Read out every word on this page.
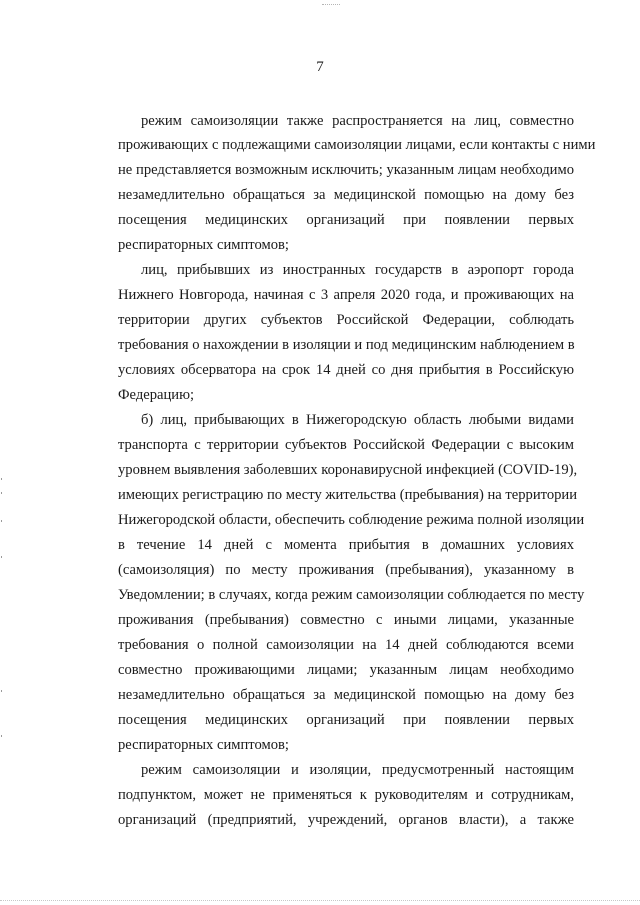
7
режим самоизоляции также распространяется на лиц, совместно
проживающих с подлежащими самоизоляции лицами, если контакты с ними
не представляется возможным исключить; указанным лицам необходимо
незамедлительно обращаться за медицинской помощью на дому без
посещения медицинских организаций при появлении первых
респираторных симптомов;
лиц, прибывших из иностранных государств в аэропорт города
Нижнего Новгорода, начиная с 3 апреля 2020 года, и проживающих на
территории других субъектов Российской Федерации, соблюдать
требования о нахождении в изоляции и под медицинским наблюдением в
условиях обсерватора на срок 14 дней со дня прибытия в Российскую
Федерацию;
б) лиц, прибывающих в Нижегородскую область любыми видами
транспорта с территории субъектов Российской Федерации с высоким
уровнем выявления заболевших коронавирусной инфекцией (COVID-19),
имеющих регистрацию по месту жительства (пребывания) на территории
Нижегородской области, обеспечить соблюдение режима полной изоляции
в течение 14 дней с момента прибытия в домашних условиях
(самоизоляция) по месту проживания (пребывания), указанному в
Уведомлении; в случаях, когда режим самоизоляции соблюдается по месту
проживания (пребывания) совместно с иными лицами, указанные
требования о полной самоизоляции на 14 дней соблюдаются всеми
совместно проживающими лицами; указанным лицам необходимо
незамедлительно обращаться за медицинской помощью на дому без
посещения медицинских организаций при появлении первых
респираторных симптомов;
режим самоизоляции и изоляции, предусмотренный настоящим
подпунктом, может не применяться к руководителям и сотрудникам,
организаций (предприятий, учреждений, органов власти), а также
